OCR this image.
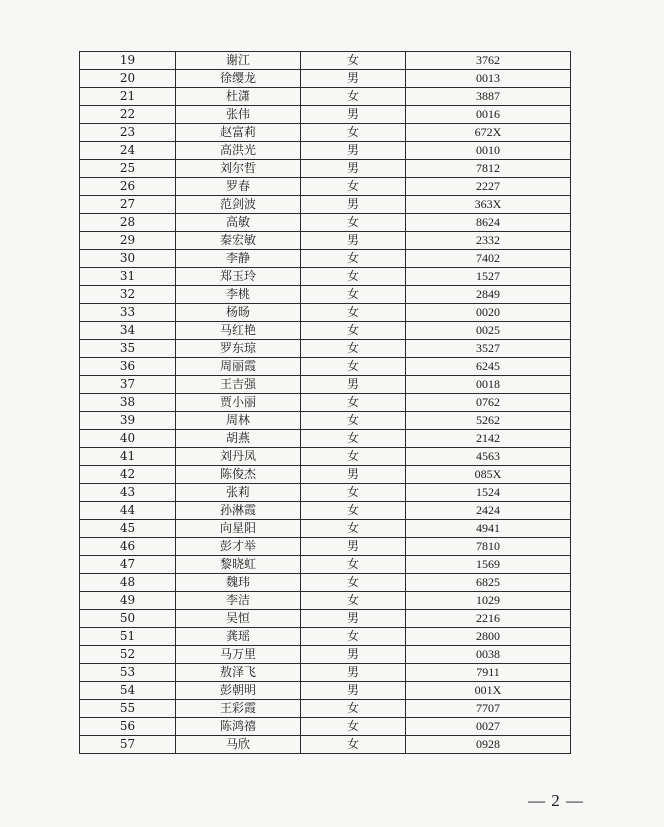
19	谢江	女	3762
20	徐缨龙	男	0013
21	杜潇	女	3887
22	张伟	男	0016
23	赵富莉	女	672X
24	高洪光	男	0010
25	刘尔哲	男	7812
26	罗春	女	2227
27	范剑波	男	363X
28	高敏	女	8624
29	秦宏敏	男	2332
30	李静	女	7402
31	郑玉玲	女	1527
32	李桃	女	2849
33	杨旸	女	0020
34	马红艳	女	0025
35	罗东琼	女	3527
36	周丽霞	女	6245
37	王吉强	男	0018
38	贾小丽	女	0762
39	周林	女	5262
40	胡燕	女	2142
41	刘丹凤	女	4563
42	陈俊杰	男	085X
43	张莉	女	1524
44	孙淋霞	女	2424
45	向星阳	女	4941
46	彭才举	男	7810
47	黎晓虹	女	1569
48	魏玮	女	6825
49	李洁	女	1029
50	吴恒	男	2216
51	龚瑶	女	2800
52	马万里	男	0038
53	敖泽飞	男	7911
54	彭朝明	男	001X
55	王彩霞	女	7707
56	陈鸿禧	女	0027
57	马欣	女	0928
— 2 —
